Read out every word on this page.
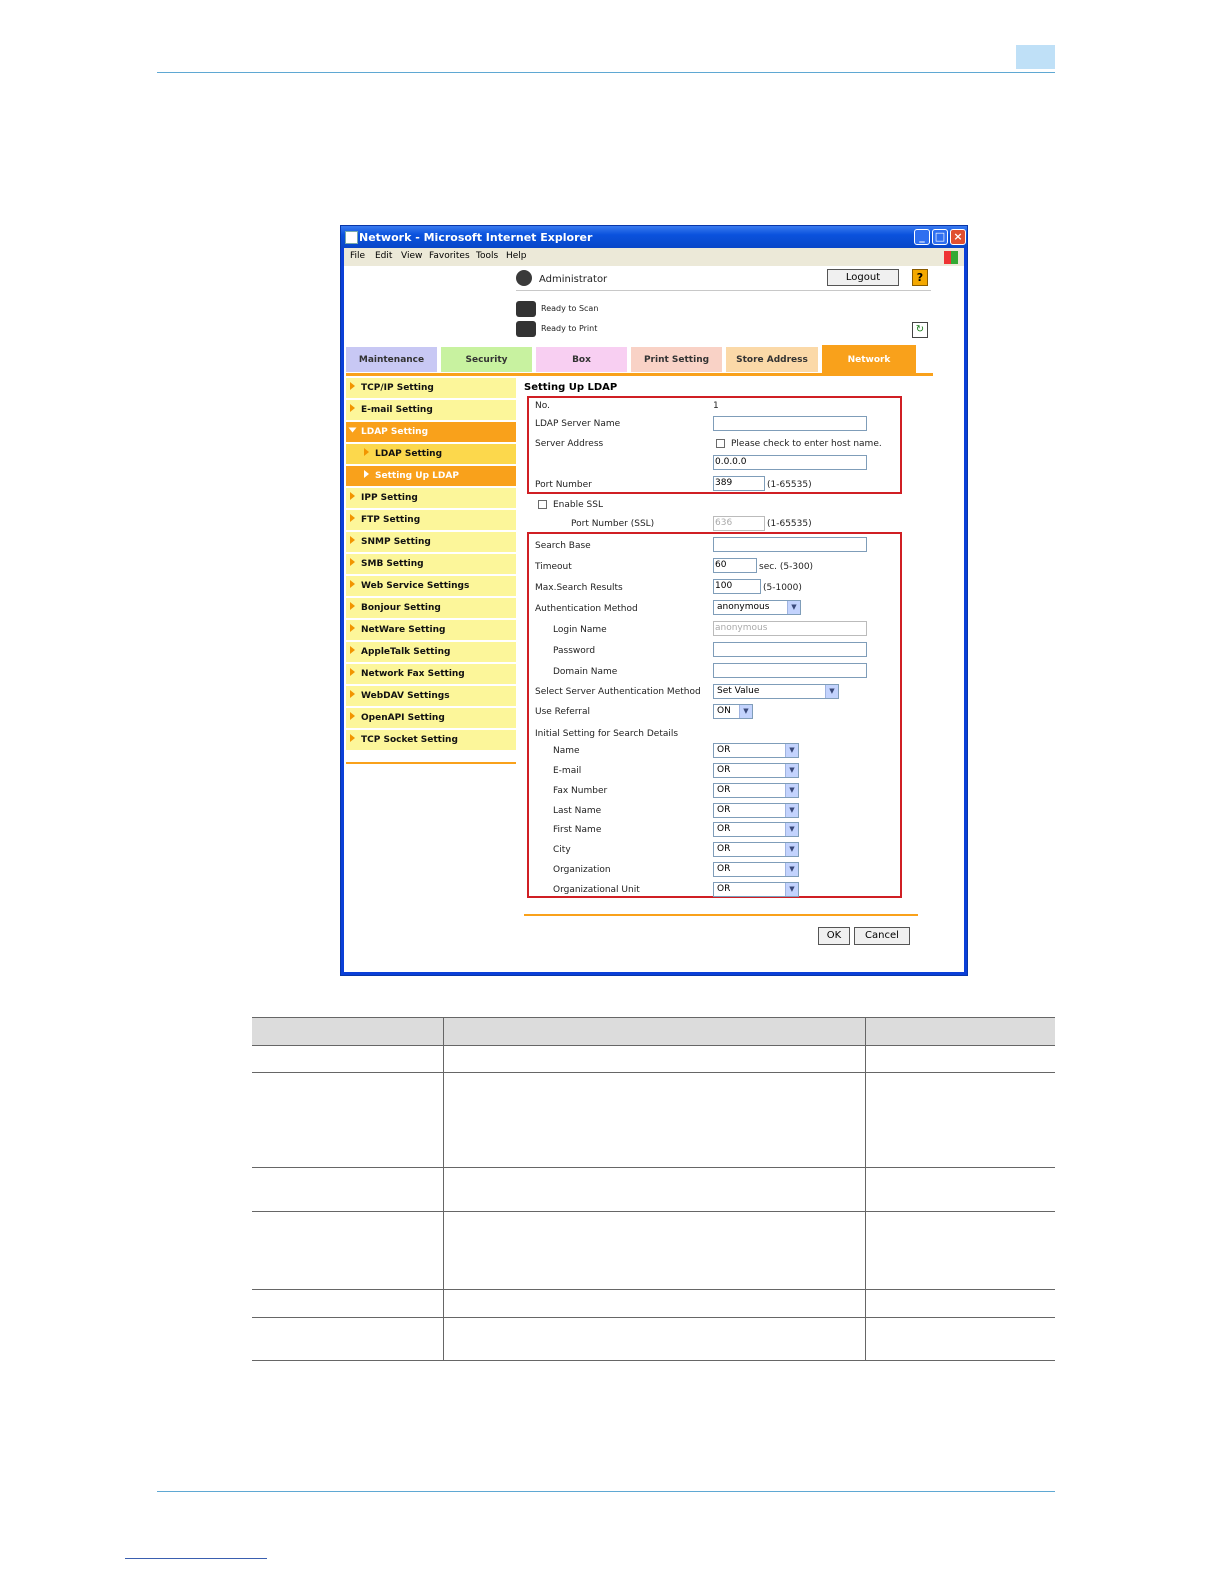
Network - Microsoft Internet Explorer	_ □ ×
File Edit View Favorites Tools Help
Administrator	Logout	?
Ready to Scan
Ready to Print	↻
Maintenance	Security	Box	Print Setting	Store Address	Network
TCP/IP Setting
E-mail Setting
LDAP Setting
LDAP Setting
Setting Up LDAP
IPP Setting
FTP Setting
SNMP Setting
SMB Setting
Web Service Settings
Bonjour Setting
NetWare Setting
AppleTalk Setting
Network Fax Setting
WebDAV Settings
OpenAPI Setting
TCP Socket Setting
Setting Up LDAP
No.	1
LDAP Server Name
Server Address	Please check to enter host name.
0.0.0.0
Port Number	389	(1-65535)
Enable SSL
Port Number (SSL)	636	(1-65535)
Search Base
Timeout	60	sec. (5-300)
Max.Search Results	100	(5-1000)
Authentication Method	anonymous	▼
Login Name	anonymous
Password
Domain Name
Select Server Authentication Method	Set Value	▼
Use Referral	ON	▼
Initial Setting for Search Details
Name	OR	▼
E-mail	OR	▼
Fax Number	OR	▼
Last Name	OR	▼
First Name	OR	▼
City	OR	▼
Organization	OR	▼
Organizational Unit	OR	▼
OK	Cancel
